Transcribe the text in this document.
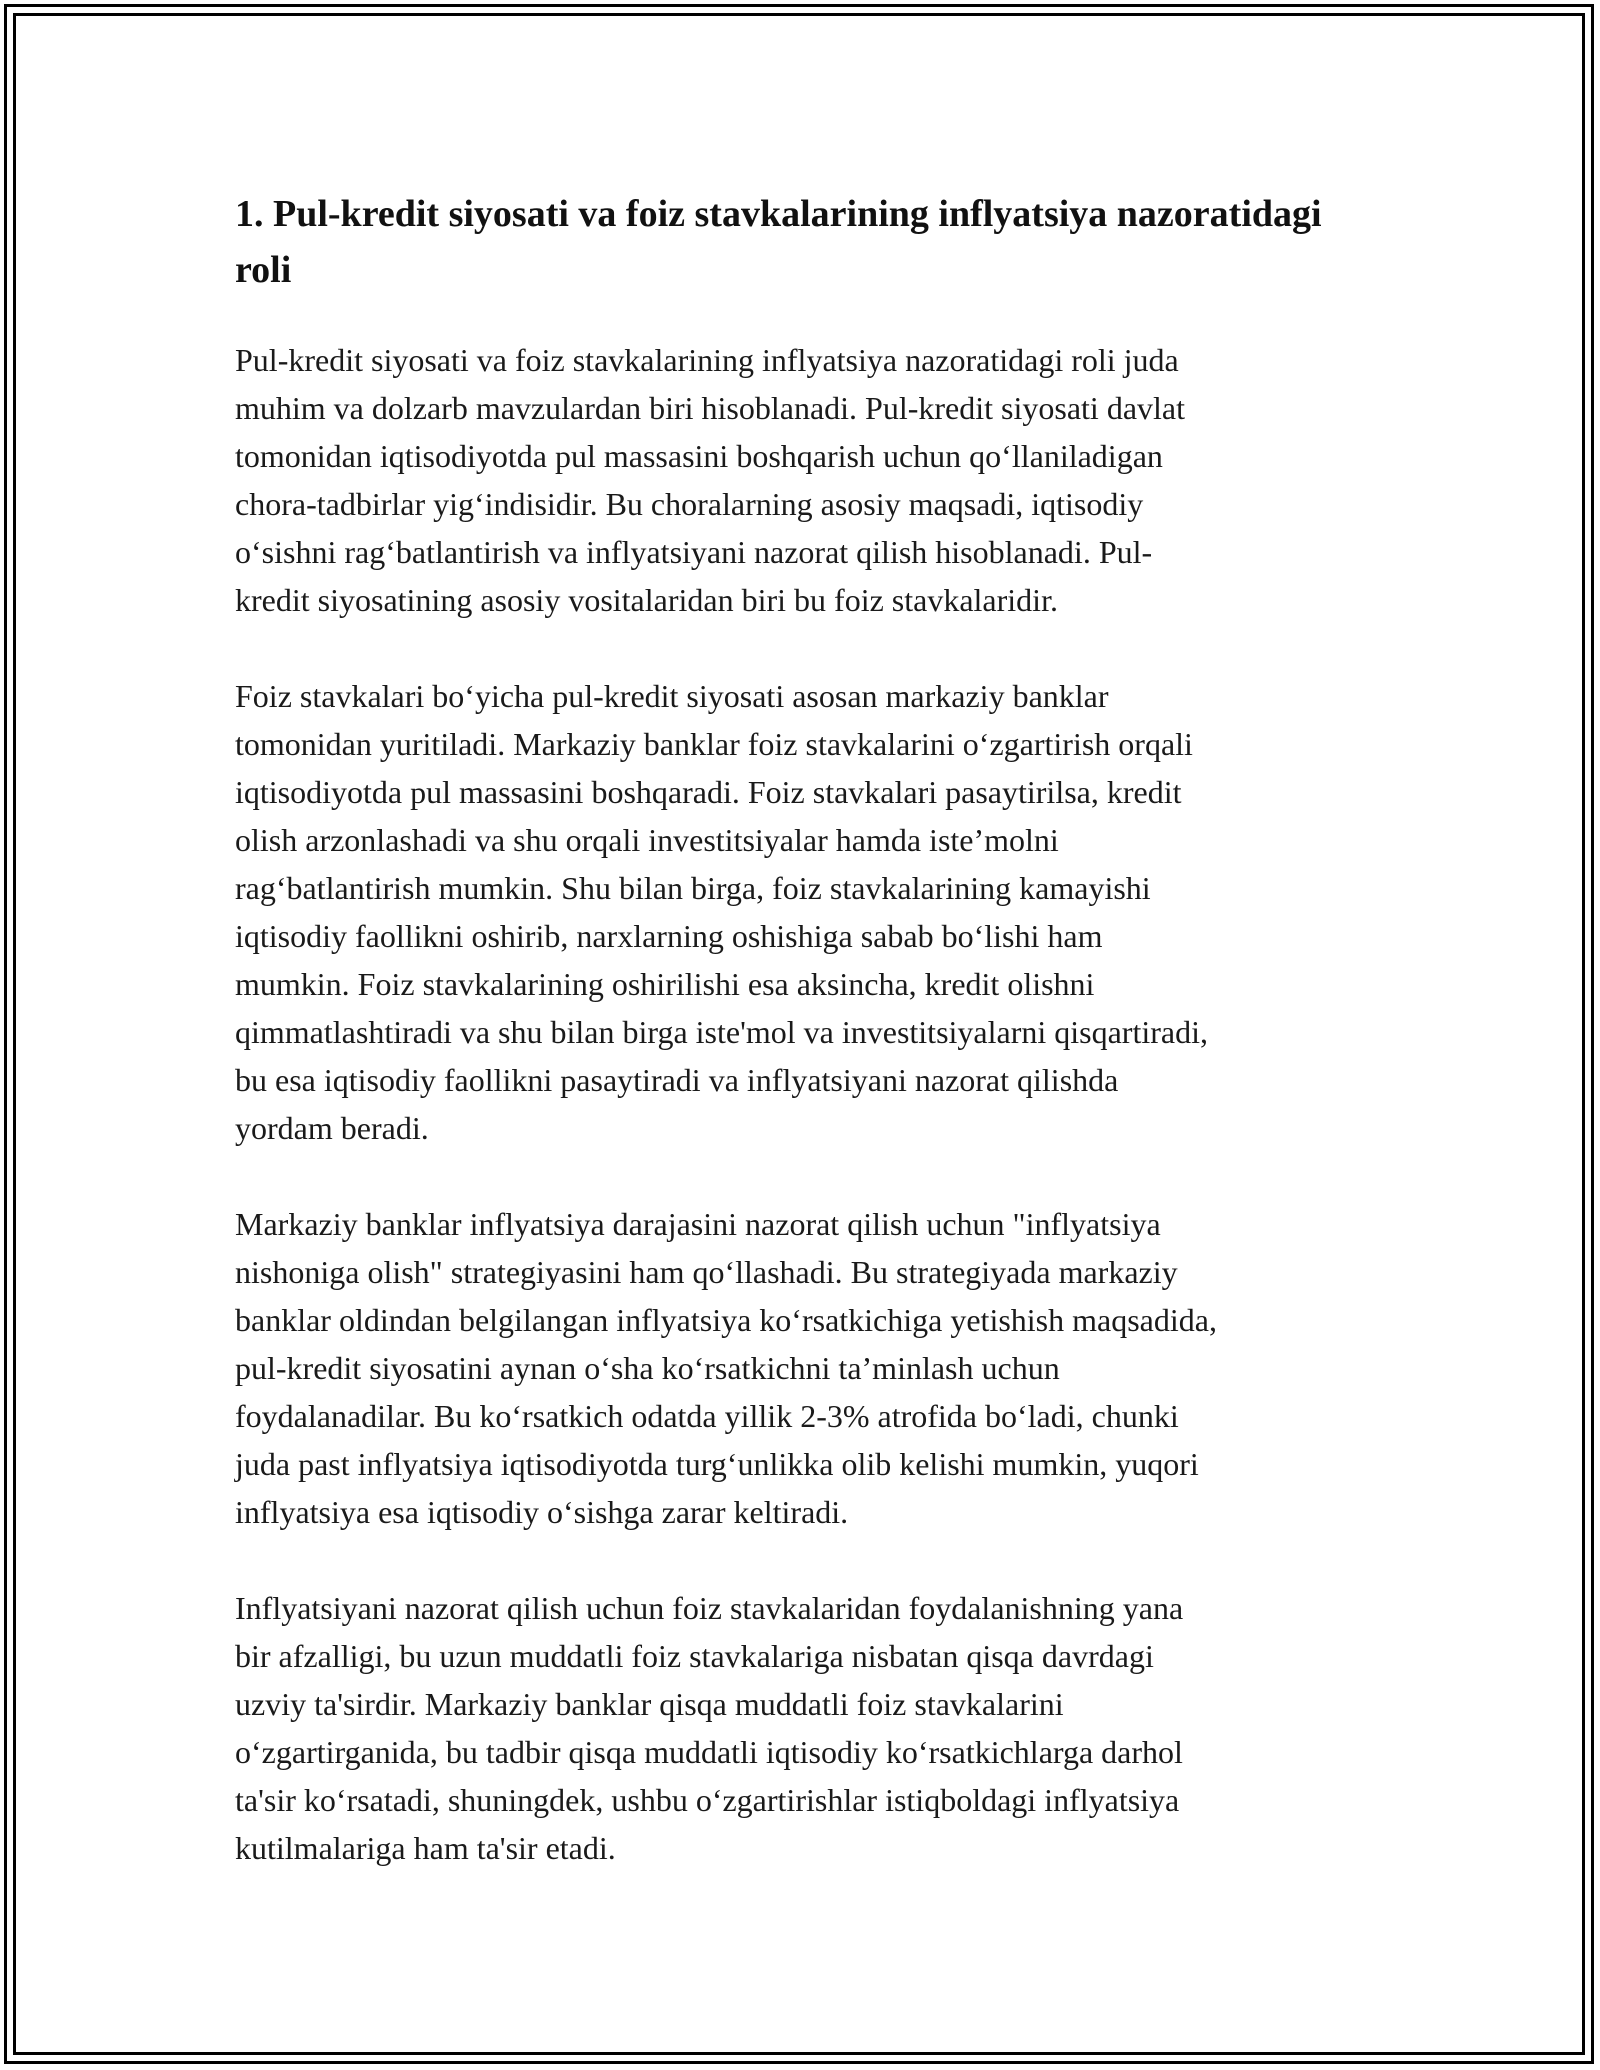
1. Pul-kredit siyosati va foiz stavkalarining inflyatsiya nazoratidagi roli

Pul-kredit siyosati va foiz stavkalarining inflyatsiya nazoratidagi roli juda
muhim va dolzarb mavzulardan biri hisoblanadi. Pul-kredit siyosati davlat
tomonidan iqtisodiyotda pul massasini boshqarish uchun qo‘llaniladigan
chora-tadbirlar yig‘indisidir. Bu choralarning asosiy maqsadi, iqtisodiy
o‘sishni rag‘batlantirish va inflyatsiyani nazorat qilish hisoblanadi. Pul-
kredit siyosatining asosiy vositalaridan biri bu foiz stavkalaridir.

Foiz stavkalari bo‘yicha pul-kredit siyosati asosan markaziy banklar
tomonidan yuritiladi. Markaziy banklar foiz stavkalarini o‘zgartirish orqali
iqtisodiyotda pul massasini boshqaradi. Foiz stavkalari pasaytirilsa, kredit
olish arzonlashadi va shu orqali investitsiyalar hamda iste’molni
rag‘batlantirish mumkin. Shu bilan birga, foiz stavkalarining kamayishi
iqtisodiy faollikni oshirib, narxlarning oshishiga sabab bo‘lishi ham
mumkin. Foiz stavkalarining oshirilishi esa aksincha, kredit olishni
qimmatlashtiradi va shu bilan birga iste'mol va investitsiyalarni qisqartiradi,
bu esa iqtisodiy faollikni pasaytiradi va inflyatsiyani nazorat qilishda
yordam beradi.

Markaziy banklar inflyatsiya darajasini nazorat qilish uchun "inflyatsiya
nishoniga olish" strategiyasini ham qo‘llashadi. Bu strategiyada markaziy
banklar oldindan belgilangan inflyatsiya ko‘rsatkichiga yetishish maqsadida,
pul-kredit siyosatini aynan o‘sha ko‘rsatkichni ta’minlash uchun
foydalanadilar. Bu ko‘rsatkich odatda yillik 2-3% atrofida bo‘ladi, chunki
juda past inflyatsiya iqtisodiyotda turg‘unlikka olib kelishi mumkin, yuqori
inflyatsiya esa iqtisodiy o‘sishga zarar keltiradi.

Inflyatsiyani nazorat qilish uchun foiz stavkalaridan foydalanishning yana
bir afzalligi, bu uzun muddatli foiz stavkalariga nisbatan qisqa davrdagi
uzviy ta'sirdir. Markaziy banklar qisqa muddatli foiz stavkalarini
o‘zgartirganida, bu tadbir qisqa muddatli iqtisodiy ko‘rsatkichlarga darhol
ta'sir ko‘rsatadi, shuningdek, ushbu o‘zgartirishlar istiqboldagi inflyatsiya
kutilmalariga ham ta'sir etadi.
